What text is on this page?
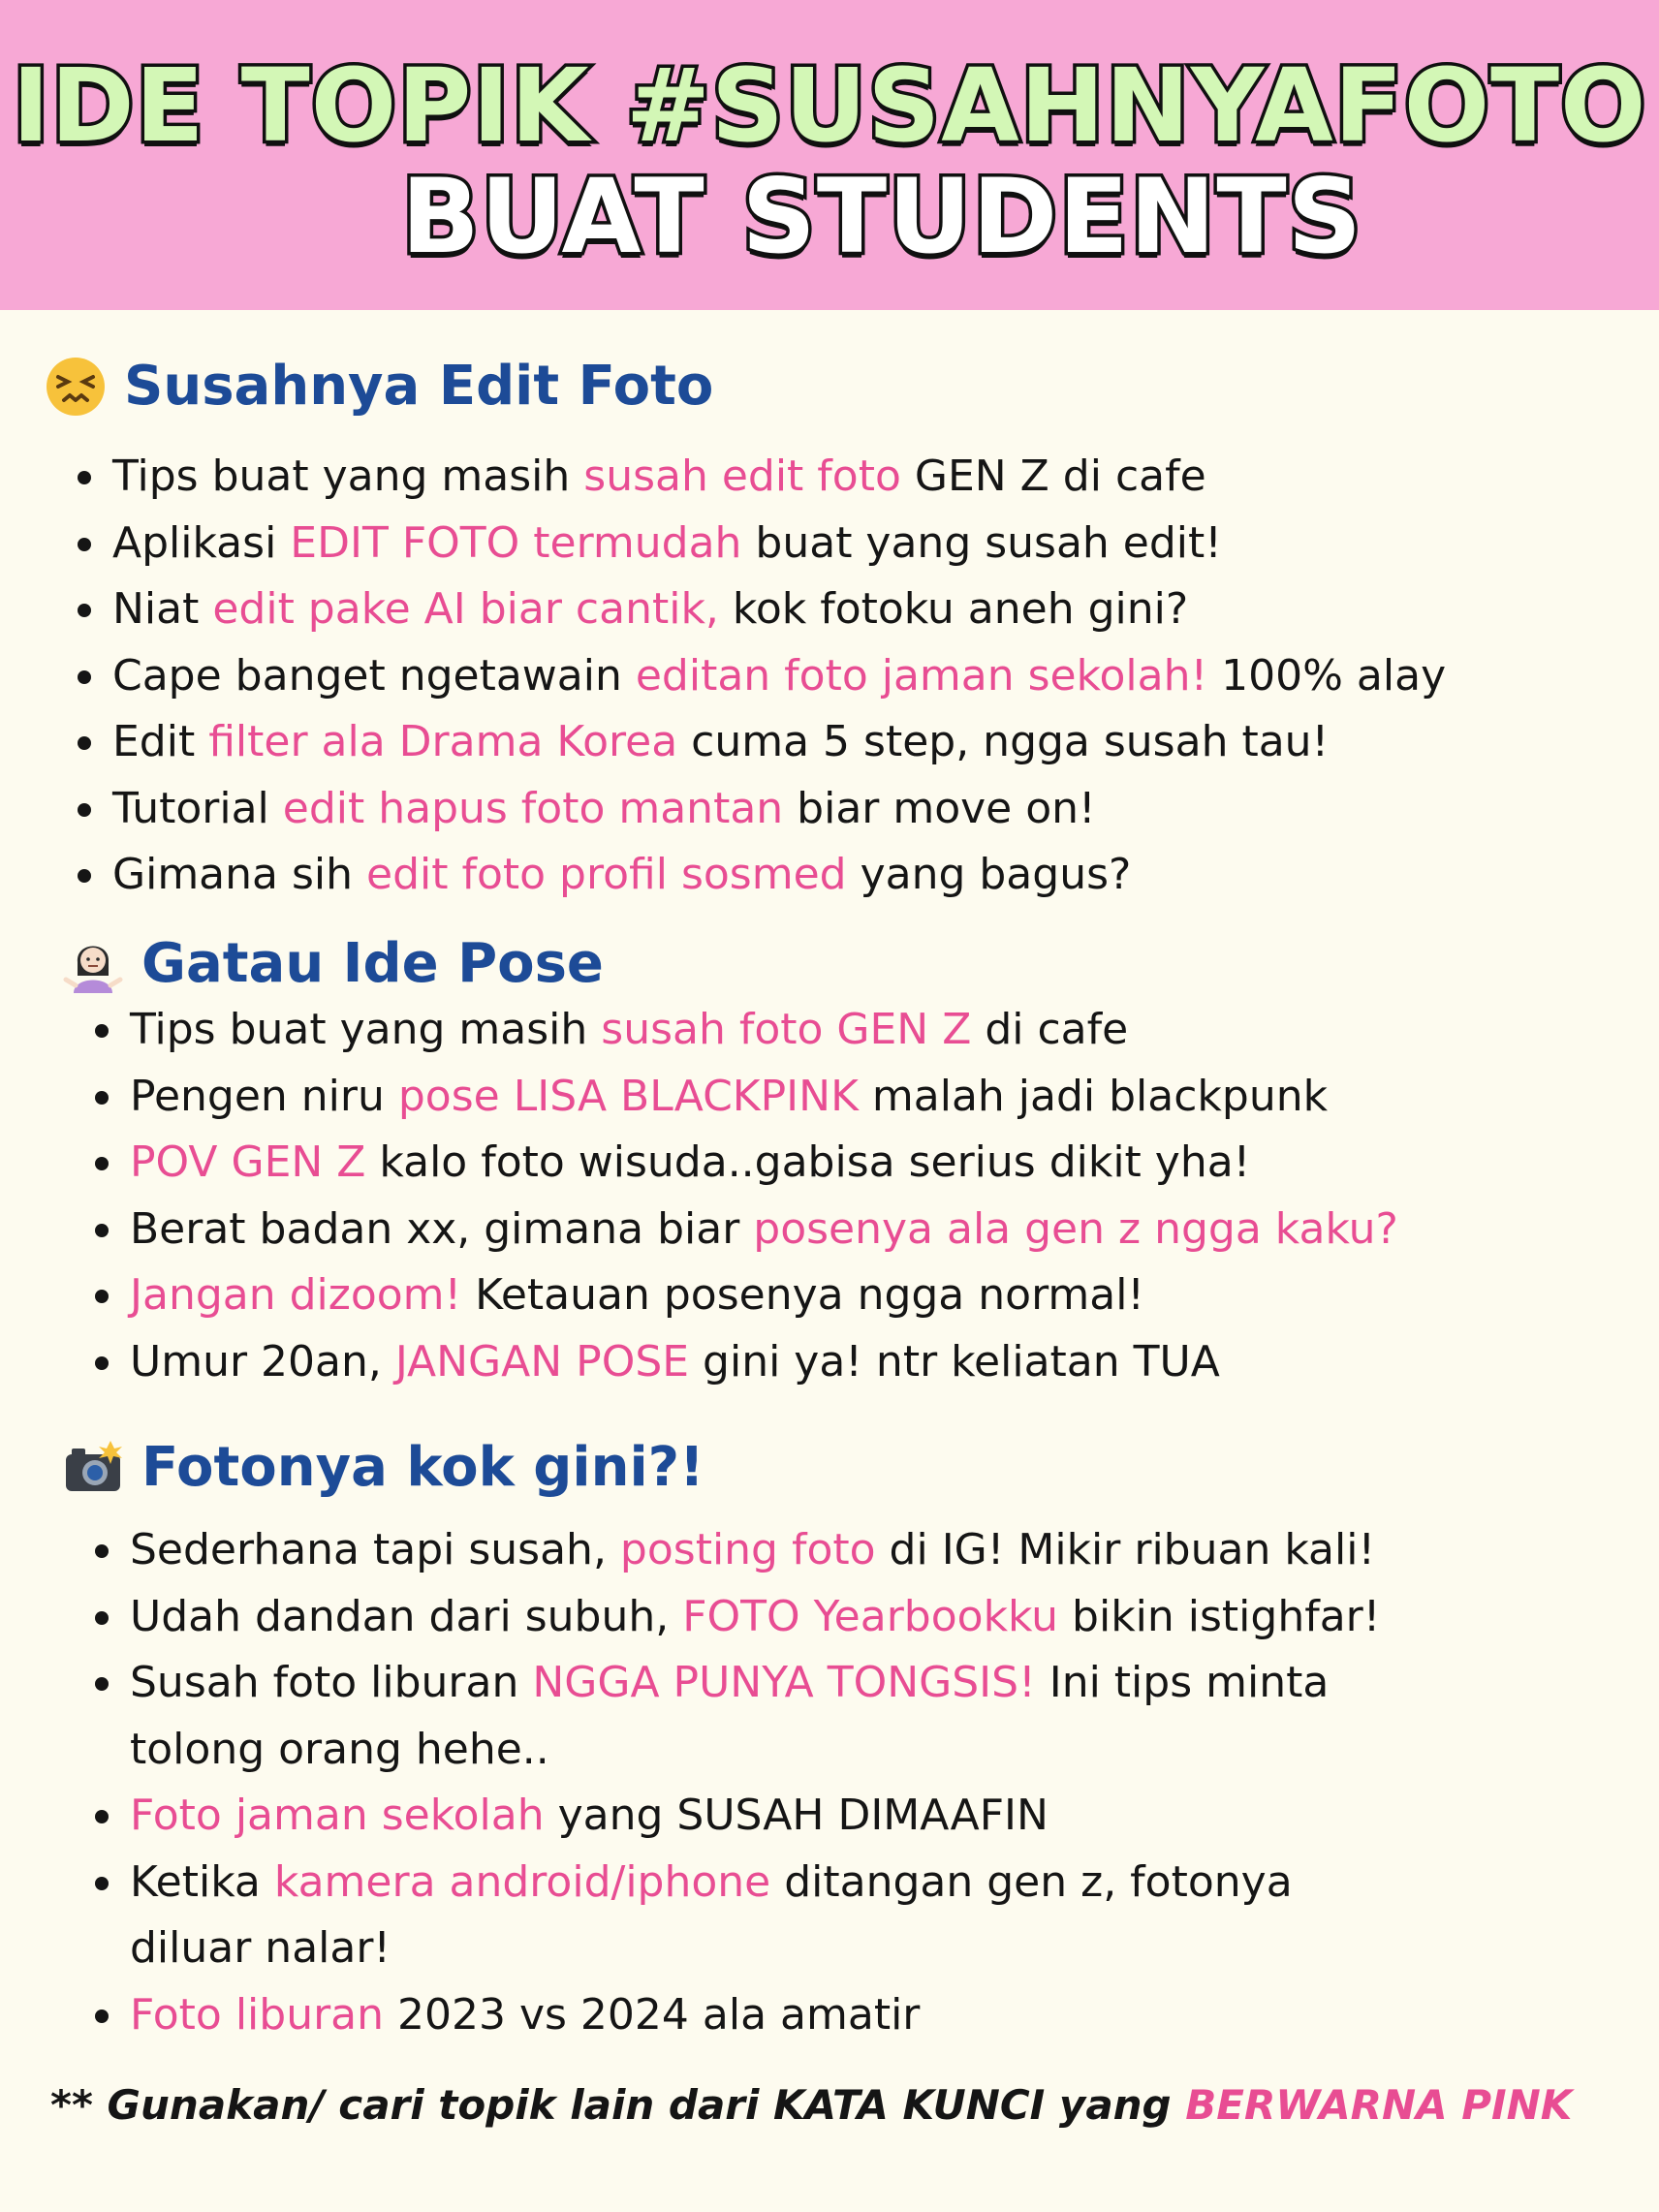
IDE TOPIK #SUSAHNYAFOTO
BUAT STUDENTS
Susahnya Edit Foto
Tips buat yang masih susah edit foto GEN Z di cafe
Aplikasi EDIT FOTO termudah buat yang susah edit!
Niat edit pake AI biar cantik, kok fotoku aneh gini?
Cape banget ngetawain editan foto jaman sekolah! 100% alay
Edit filter ala Drama Korea cuma 5 step, ngga susah tau!
Tutorial edit hapus foto mantan biar move on!
Gimana sih edit foto profil sosmed yang bagus?
Gatau Ide Pose
Tips buat yang masih susah foto GEN Z di cafe
Pengen niru pose LISA BLACKPINK malah jadi blackpunk
POV GEN Z kalo foto wisuda..gabisa serius dikit yha!
Berat badan xx, gimana biar posenya ala gen z ngga kaku?
Jangan dizoom! Ketauan posenya ngga normal!
Umur 20an, JANGAN POSE gini ya! ntr keliatan TUA
Fotonya kok gini?!
Sederhana tapi susah, posting foto di IG! Mikir ribuan kali!
Udah dandan dari subuh, FOTO Yearbookku bikin istighfar!
Susah foto liburan NGGA PUNYA TONGSIS! Ini tips minta
tolong orang hehe..
Foto jaman sekolah yang SUSAH DIMAAFIN
Ketika kamera android/iphone ditangan gen z, fotonya
diluar nalar!
Foto liburan 2023 vs 2024 ala amatir
** Gunakan/ cari topik lain dari KATA KUNCI yang BERWARNA PINK
